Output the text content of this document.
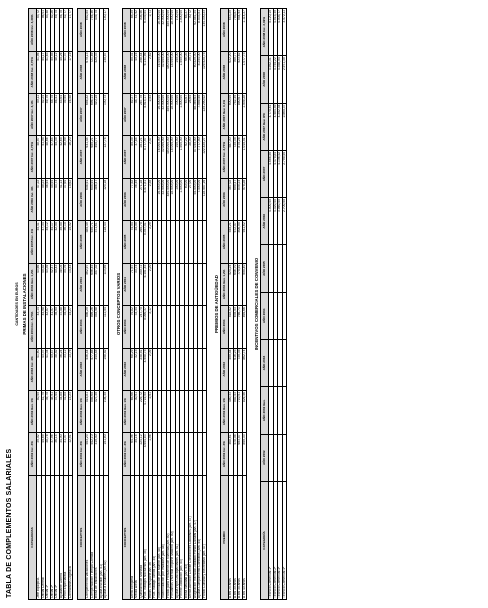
TABLA DE COMPLEMENTOS SALARIALES
CANTIDADES EN EUROS PRIMAS DE INSTALACIONES
CATEGORIAS	AÑO 2002 Inc. 3%	AÑO 2002 Rev. 1%	AÑO 2003 Inc. 4%	AÑO 2004 Inc. 3,70%	AÑO 2004 Rev. 1,2%	AÑO 2005 Inc. 4%	AÑO 2006 Inc. 4%	AÑO 2007 Inc. 3,70%	AÑO 2007 Inc. 6,1%	AÑO 2008 Inc. 3,70%	AÑO 2008 Inc. 3,39%
Jefe Equipo A	39,02	40,00	41,60	43,14	43,66	45,41	47,22	48,97	50,11	51,96	53,72
Oficial Central	40,69	41,70	43,37	44,98	45,52	47,34	49,23	51,05	52,24	54,17	56,01
Oficial 1ª	38,78	39,75	41,34	42,87	43,39	45,12	46,93	48,66	49,79	51,63	53,38
Oficial 2ª	37,96	38,91	40,47	41,97	42,47	44,17	45,94	47,64	48,75	50,55	52,26
Oficial 3ª	36,14	37,04	38,52	39,95	40,43	42,05	43,73	45,35	46,41	48,12	49,75
Ayudante Obrero	34,00	34,85	36,24	37,58	38,03	39,55	41,13	42,65	43,64	45,26	46,79
Peón Especialista	31,07	31,85	33,12	34,35	34,76	36,15	37,60	38,99	39,90	41,37	42,77
Contratistas Logística	12,91	13,23	13,76	14,27	14,44	15,02	15,62	16,20	16,58	17,19	17,77
CONCEPTOS	AÑO 2002 Inc. 3%	AÑO 2002 Rev. 1%	AÑO 2003	AÑO 2004	AÑO 2004	AÑO 2005	AÑO 2006	AÑO 2007	AÑO 2007	AÑO 2008	AÑO 2008
Complemento Vacaciones	503,23	515,81	536,44	556,29	562,97	585,49	608,91	631,44	646,22	670,13	692,85
Compensación Tiempo Comida	542,10	555,65	577,88	599,26	606,45	630,71	655,94	680,21	696,13	721,89	746,36
Bolsa de Vacaciones	319,40	327,39	340,48	353,08	357,32	371,61	386,47	400,77	410,15	425,33	439,75
Ayuda Escolar (Art. 51)											
Ayuda a Estudios (Art.52)	101,80	104,35	108,52	112,54	113,89	118,44	123,18	127,74	130,73	135,57	140,17
OTROS CONCEPTOS VARIOS
CONCEPTOS	AÑO 2002 Inc. 3%	AÑO 2002 Rev. 1%	AÑO 2003	AÑO 2004	AÑO 2004	AÑO 2005	AÑO 2006	AÑO 2007	AÑO 2007	AÑO 2008	AÑO 2008
Dieta completa	64,06	65,66	68,29	70,82	71,67	74,54	77,52	80,39	82,27	85,31	88,20
Media Dieta	30,16	30,91	32,15	33,34	33,74	35,09	36,49	37,84	38,73	40,16	41,52
Quebranto de Moneda	224,12	229,72	238,91	247,75	250,72	260,75	271,18	281,21	287,79	298,44	308,56
Plus Trabajos Nocturnos (Art. 35)	4.604,83	4.719,95	4.908,75	5.090,37	5.151,45	5.357,51	5.571,81	5.777,97	5.913,17	6.131,96	6.339,84
Horas Transporte Art. 36	1,96	2,01	2,09	2,17	2,20	2,29	2,38	2,47	2,53	2,62	2,71
Plus Trabajo Turnos (Art. 35)											
Indemnización por Muerte (Art. 48)							16.000,00	16.000,00	16.000,00	16.000,00	16.000,00
Indemnización por Invalidez (Art. 48)							32.000,00	32.000,00	32.000,00	32.000,00	32.000,00
Fondo para Préstamos de Vivienda (Art. 50)							480.000,00	480.000,00	480.000,00	480.000,00	480.000,00
Préstamos Vivienda Importe Máximo (Art. 50)							18.000,00	18.000,00	18.000,00	18.000,00	18.000,00
Ayuda Hijos Discapacitados (Art. 51)							100,00	100,00	100,00	100,00	100,00
Premio Jubilación (Art. 53)							1.500,00	1.500,00	1.500,00	1.500,00	1.500,00
Bolsa Navidad (Art. 53)							60,00	62,22	63,67	66,03	68,27
Dietas Atención Comité Condiciones Laborales (Art. 47)							27,00	28,00	28,65	29,71	30,72
Asignación mensual Jubilado Fondo Cultural (Art. 47)							55.000,00	57.035,00	58.369,63	60.529,30	62.581,24
Ayuda Cumplimiento Contratos (Ant. 54)							7.500,00	7.777,50	7.959,50	8.254,00	8.533,81
Fondo Cultural y Recreativo (Art. 47)							118.057,16	122.425,27	125.290,02	129.925,75	134.330,23
PREMIOS DE ANTIGÜEDAD
PREMIO	AÑO 2002 Inc. 3%	AÑO 2002 Rev. 1%	AÑO 2003	AÑO 2004	AÑO 2004 Rev. 1,2%	AÑO 2005	AÑO 2006	AÑO 2007 Inc. 3,70%	AÑO 2007 Rev. 6,1%	AÑO 2008	AÑO 2008
A los 25 años	468,61	480,33	499,54	518,02	524,24	545,21	567,02	587,00	600,00	622,20	643,29
A los 30 años	578,08	592,53	616,23	639,03	646,70	672,57	699,47	725,35	742,30	769,77	795,87
A los 35 años	693,57	710,91	739,35	766,71	775,91	806,95	839,23	870,28	890,67	923,62	954,93
A los 40 años	809,33	829,56	862,74	894,66	905,40	941,62	979,28	1.015,51	1.039,28	1.077,73	1.114,27
INCENTIVOS COMERCIALES DE CONVENIO
CATEGORÍA	AÑO 2002	AÑO 2002 Rev.	AÑO 2003	AÑO 2004	AÑO 2005	AÑO 2006	AÑO 2007	AÑO 2007 Rev. IPC	AÑO 2008	AÑO 2008 Inc. 3,39%
Técnico Comercial 1ª						4.500,00	4.666,50	4.775,61	4.952,31	5.120,19
Técnico Comercial 2ª						4.320,00	4.479,84	4.584,59	4.754,22	4.915,39
Técnico Comercial 3ª						3.960,00	4.106,52	4.202,54	4.358,04	4.505,77
Técnico Comercial 4ª						2.700,00	2.799,90	2.865,37	2.971,39	3.072,11
